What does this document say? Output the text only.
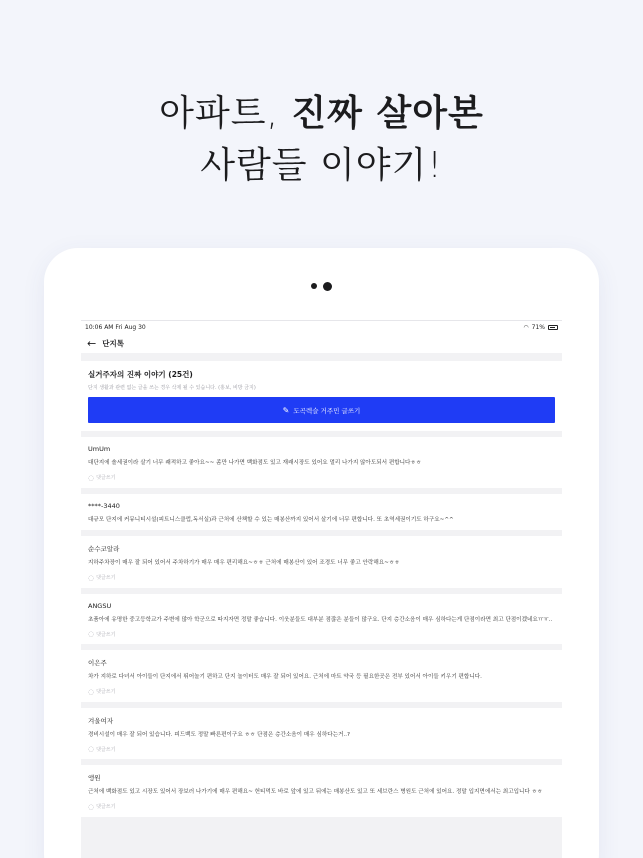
아파트, 진짜 살아본
사람들 이야기!
10:06 AM Fri Aug 30	◠ 71%
← 단지톡
실거주자의 진짜 이야기 (25건)
단지 생활과 관련 없는 글을 쓰는 경우 삭제 될 수 있습니다. (홍보, 비방 금지)
✎ 도곡렉슬 거주민 글쓰기
UmUm
대단지에 솔세권이라 살기 너무 쾌적하고 좋아요~~ 좀만 나가면 백화점도 있고 재래시장도 있어요 멀리 나가지 않아도되서 편합니다ㅎㅎ
◌ 댓글쓰기
****-3440
대규모 단지에 커뮤니티시설(피트니스클럽,독서실)과 근처에 산책할 수 있는 매봉산까지 있어서 살기에 너무 편합니다. 또 초역세권이기도 하구요~^^
순수코알라
지하주차장이 매우 잘 되어 있어서 주차하기가 매우 매우 편리해요~ㅎㅎ 근처에 매봉산이 있어 조경도 너무 좋고 안락해요~ㅎㅎ
◌ 댓글쓰기
ANGSU
초품아에 유명한 중고등학교가 주변에 많아 학군으로 따지자면 정말 좋습니다. 이웃분들도 대부분 점잖은 분들이 많구요. 단지 층간소음이 매우 심하다는게 단점이라면 최고 단점이겠네요ㅠㅠ..
◌ 댓글쓰기
이은주
차가 지하로 다녀서 아이들이 단지에서 뛰어놀기 편하고 단지 놀이터도 매우 잘 되어 있어요. 근처에 마트 약국 등 필요한곳은 전부 있어서 아이들 키우기 편합니다.
◌ 댓글쓰기
겨울여자
경비시설이 매우 잘 되어 있습니다. 피드백도 정말 빠른편이구요 ㅎㅎ 단점은 층간소음이 매우 심하다는거..?
◌ 댓글쓰기
앵원
근처에 백화점도 있고 시장도 있어서 장보러 나가기에 매우 편해요~ 헌티먹도 바로 앞에 있고 뒤에는 매봉산도 있고 또 세브란스 병원도 근처에 있어요. 정말 입지면에서는 최고입니다 ㅎㅎ
◌ 댓글쓰기
